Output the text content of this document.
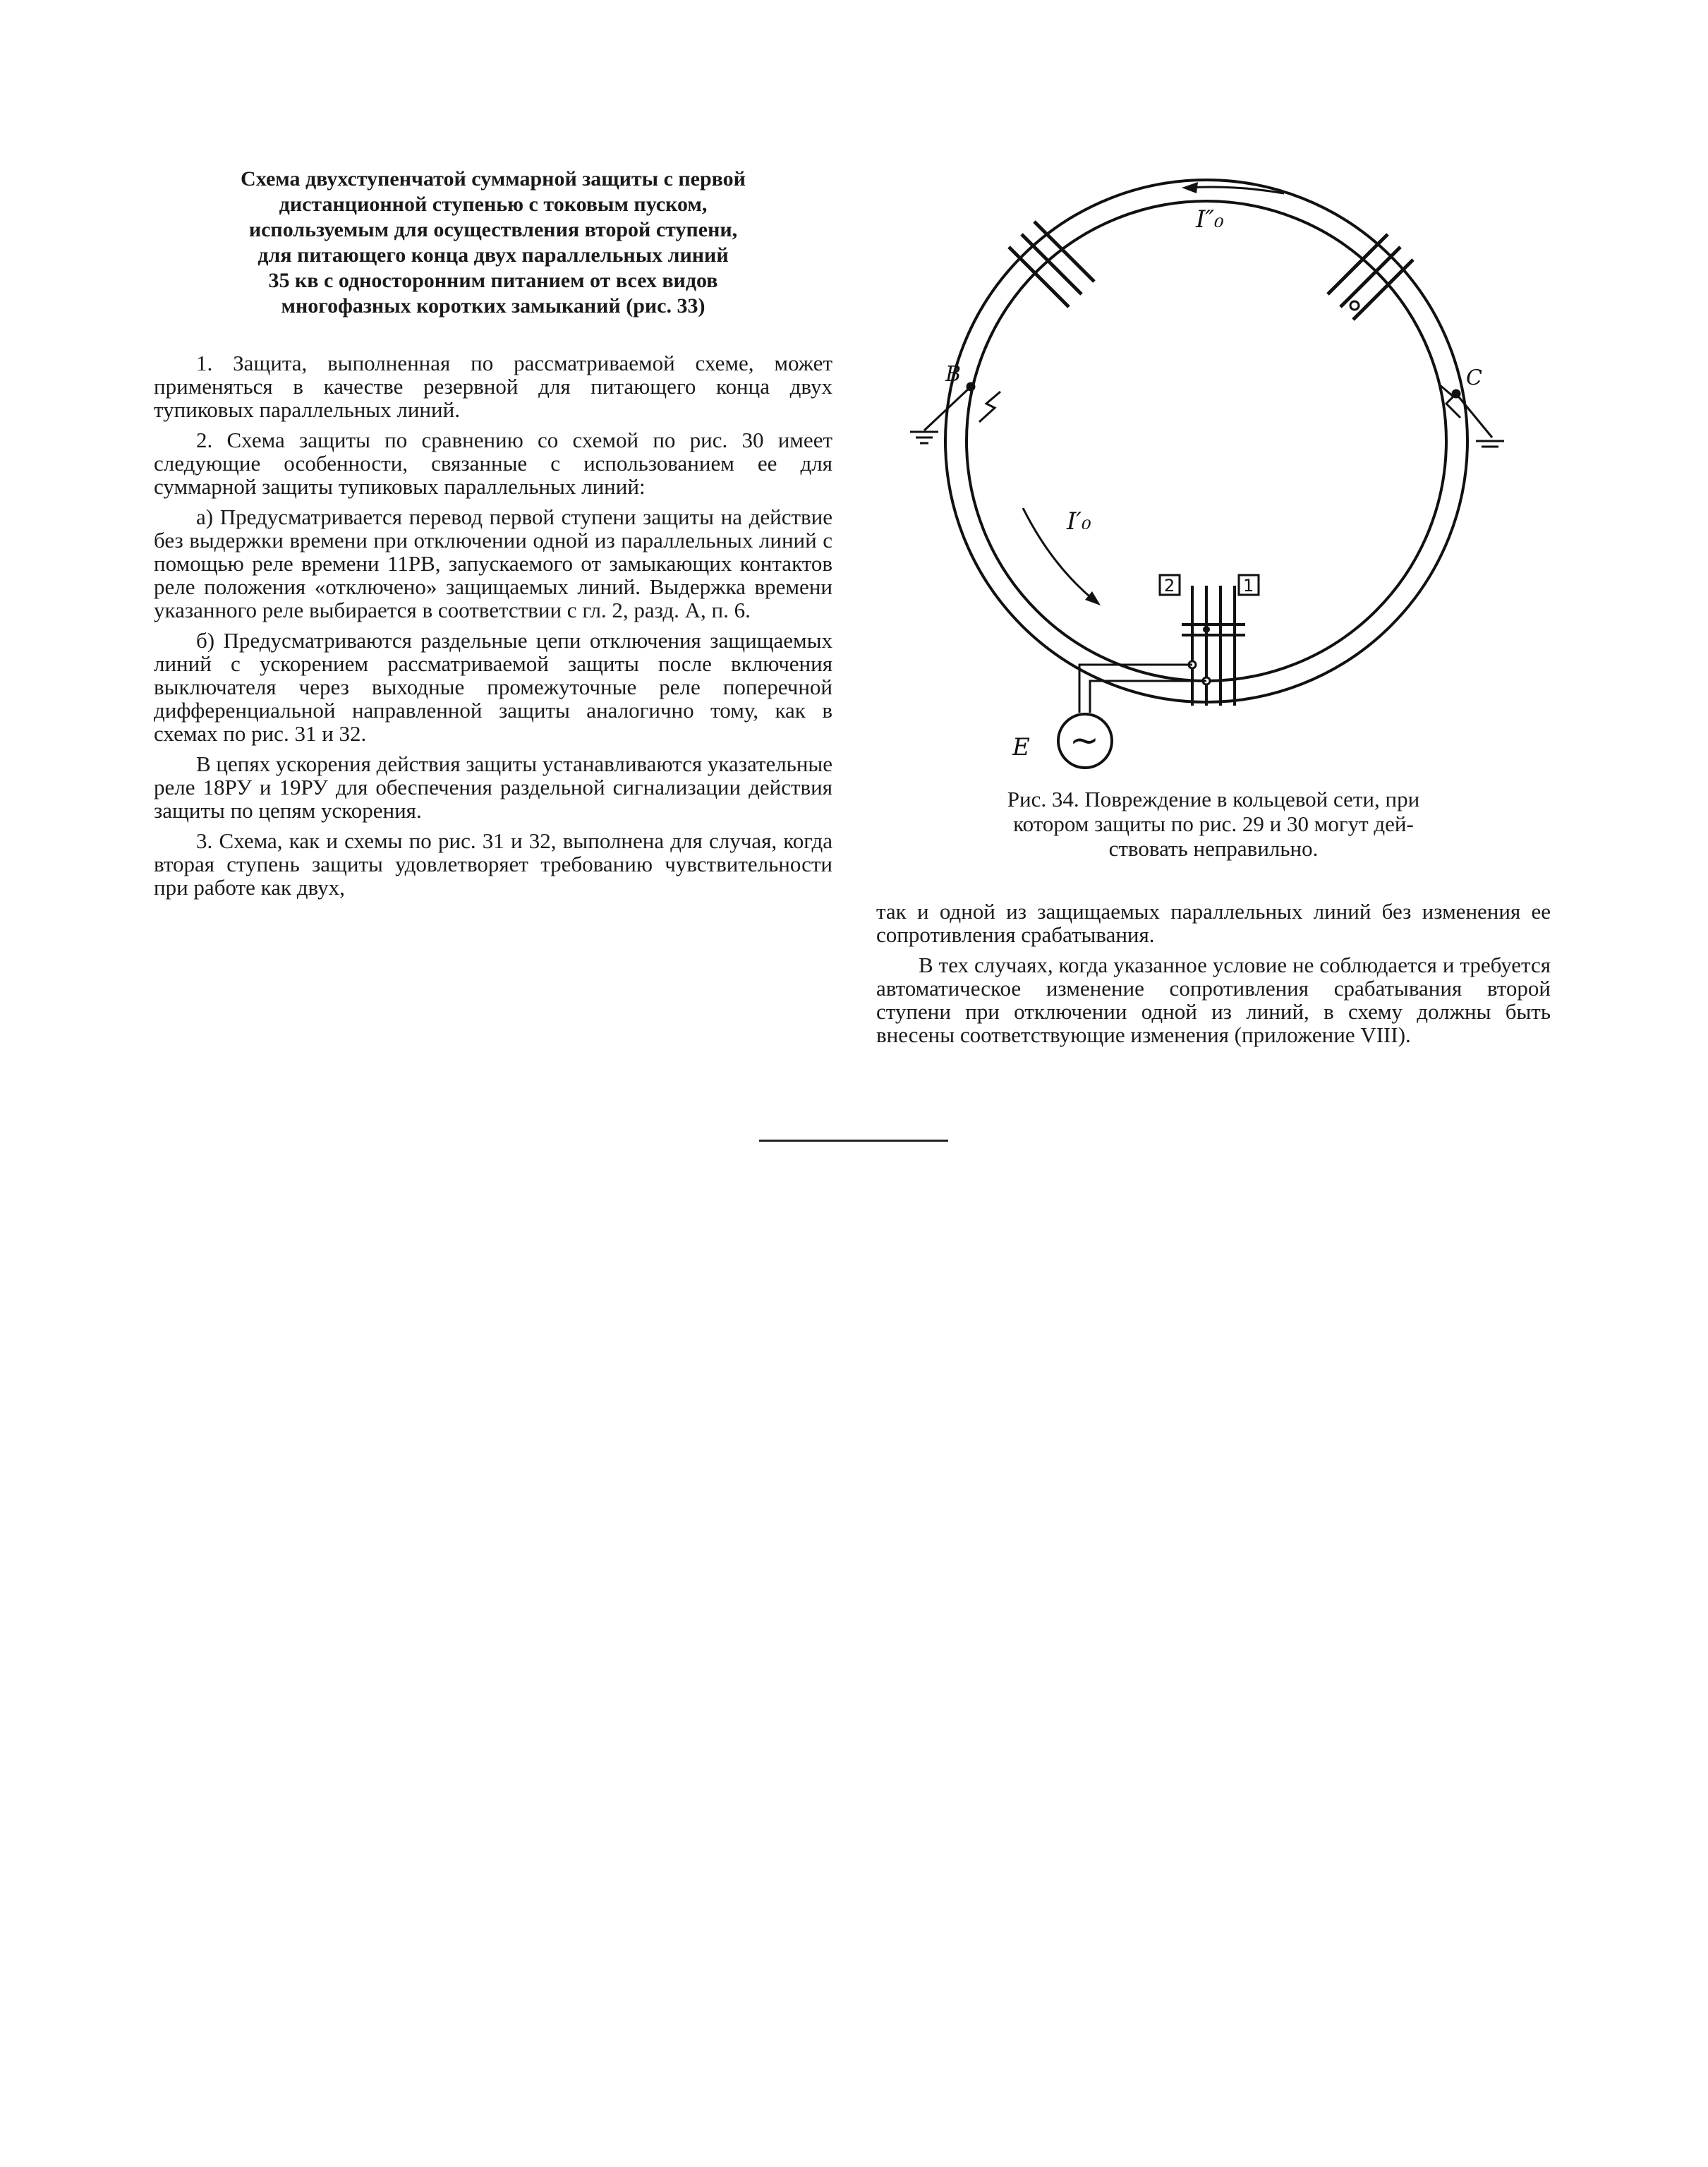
Схема двухступенчатой суммарной защиты с первой
дистанционной ступенью с токовым пуском,
используемым для осуществления второй ступени,
для питающего конца двух параллельных линий
35 кв с односторонним питанием от всех видов
многофазных коротких замыканий (рис. 33)

1. Защита, выполненная по рассматриваемой схеме, может применяться в качестве резервной для питающего конца двух тупиковых параллельных линий.

2. Схема защиты по сравнению со схемой по рис. 30 имеет следующие особенности, связанные с использованием ее для суммарной защиты тупиковых параллельных линий:

а) Предусматривается перевод первой ступени защиты на действие без выдержки времени при отключении одной из параллельных линий с помощью реле времени 11РВ, запускаемого от замыкающих контактов реле положения «отключено» защищаемых линий. Выдержка времени указанного реле выбирается в соответствии с гл. 2, разд. А, п. 6.

б) Предусматриваются раздельные цепи отключения защищаемых линий с ускорением рассматриваемой защиты после включения выключателя через выходные промежуточные реле поперечной дифференциальной направленной защиты аналогично тому, как в схемах по рис. 31 и 32.

В цепях ускорения действия защиты устанавливаются указательные реле 18РУ и 19РУ для обеспечения раздельной сигнализации действия защиты по цепям ускорения.

3. Схема, как и схемы по рис. 31 и 32, выполнена для случая, когда вторая ступень защиты удовлетворяет требованию чувствительности при работе как двух,

I″₀
В	С
I′₀
2	1
~
E
Рис. 34. Повреждение в кольцевой сети, при
котором защиты по рис. 29 и 30 могут дей-
ствовать неправильно.

так и одной из защищаемых параллельных линий без изменения ее сопротивления срабатывания.

В тех случаях, когда указанное условие не соблюдается и требуется автоматическое изменение сопротивления срабатывания второй ступени при отключении одной из линий, в схему должны быть внесены соответствующие изменения (приложение VIII).
